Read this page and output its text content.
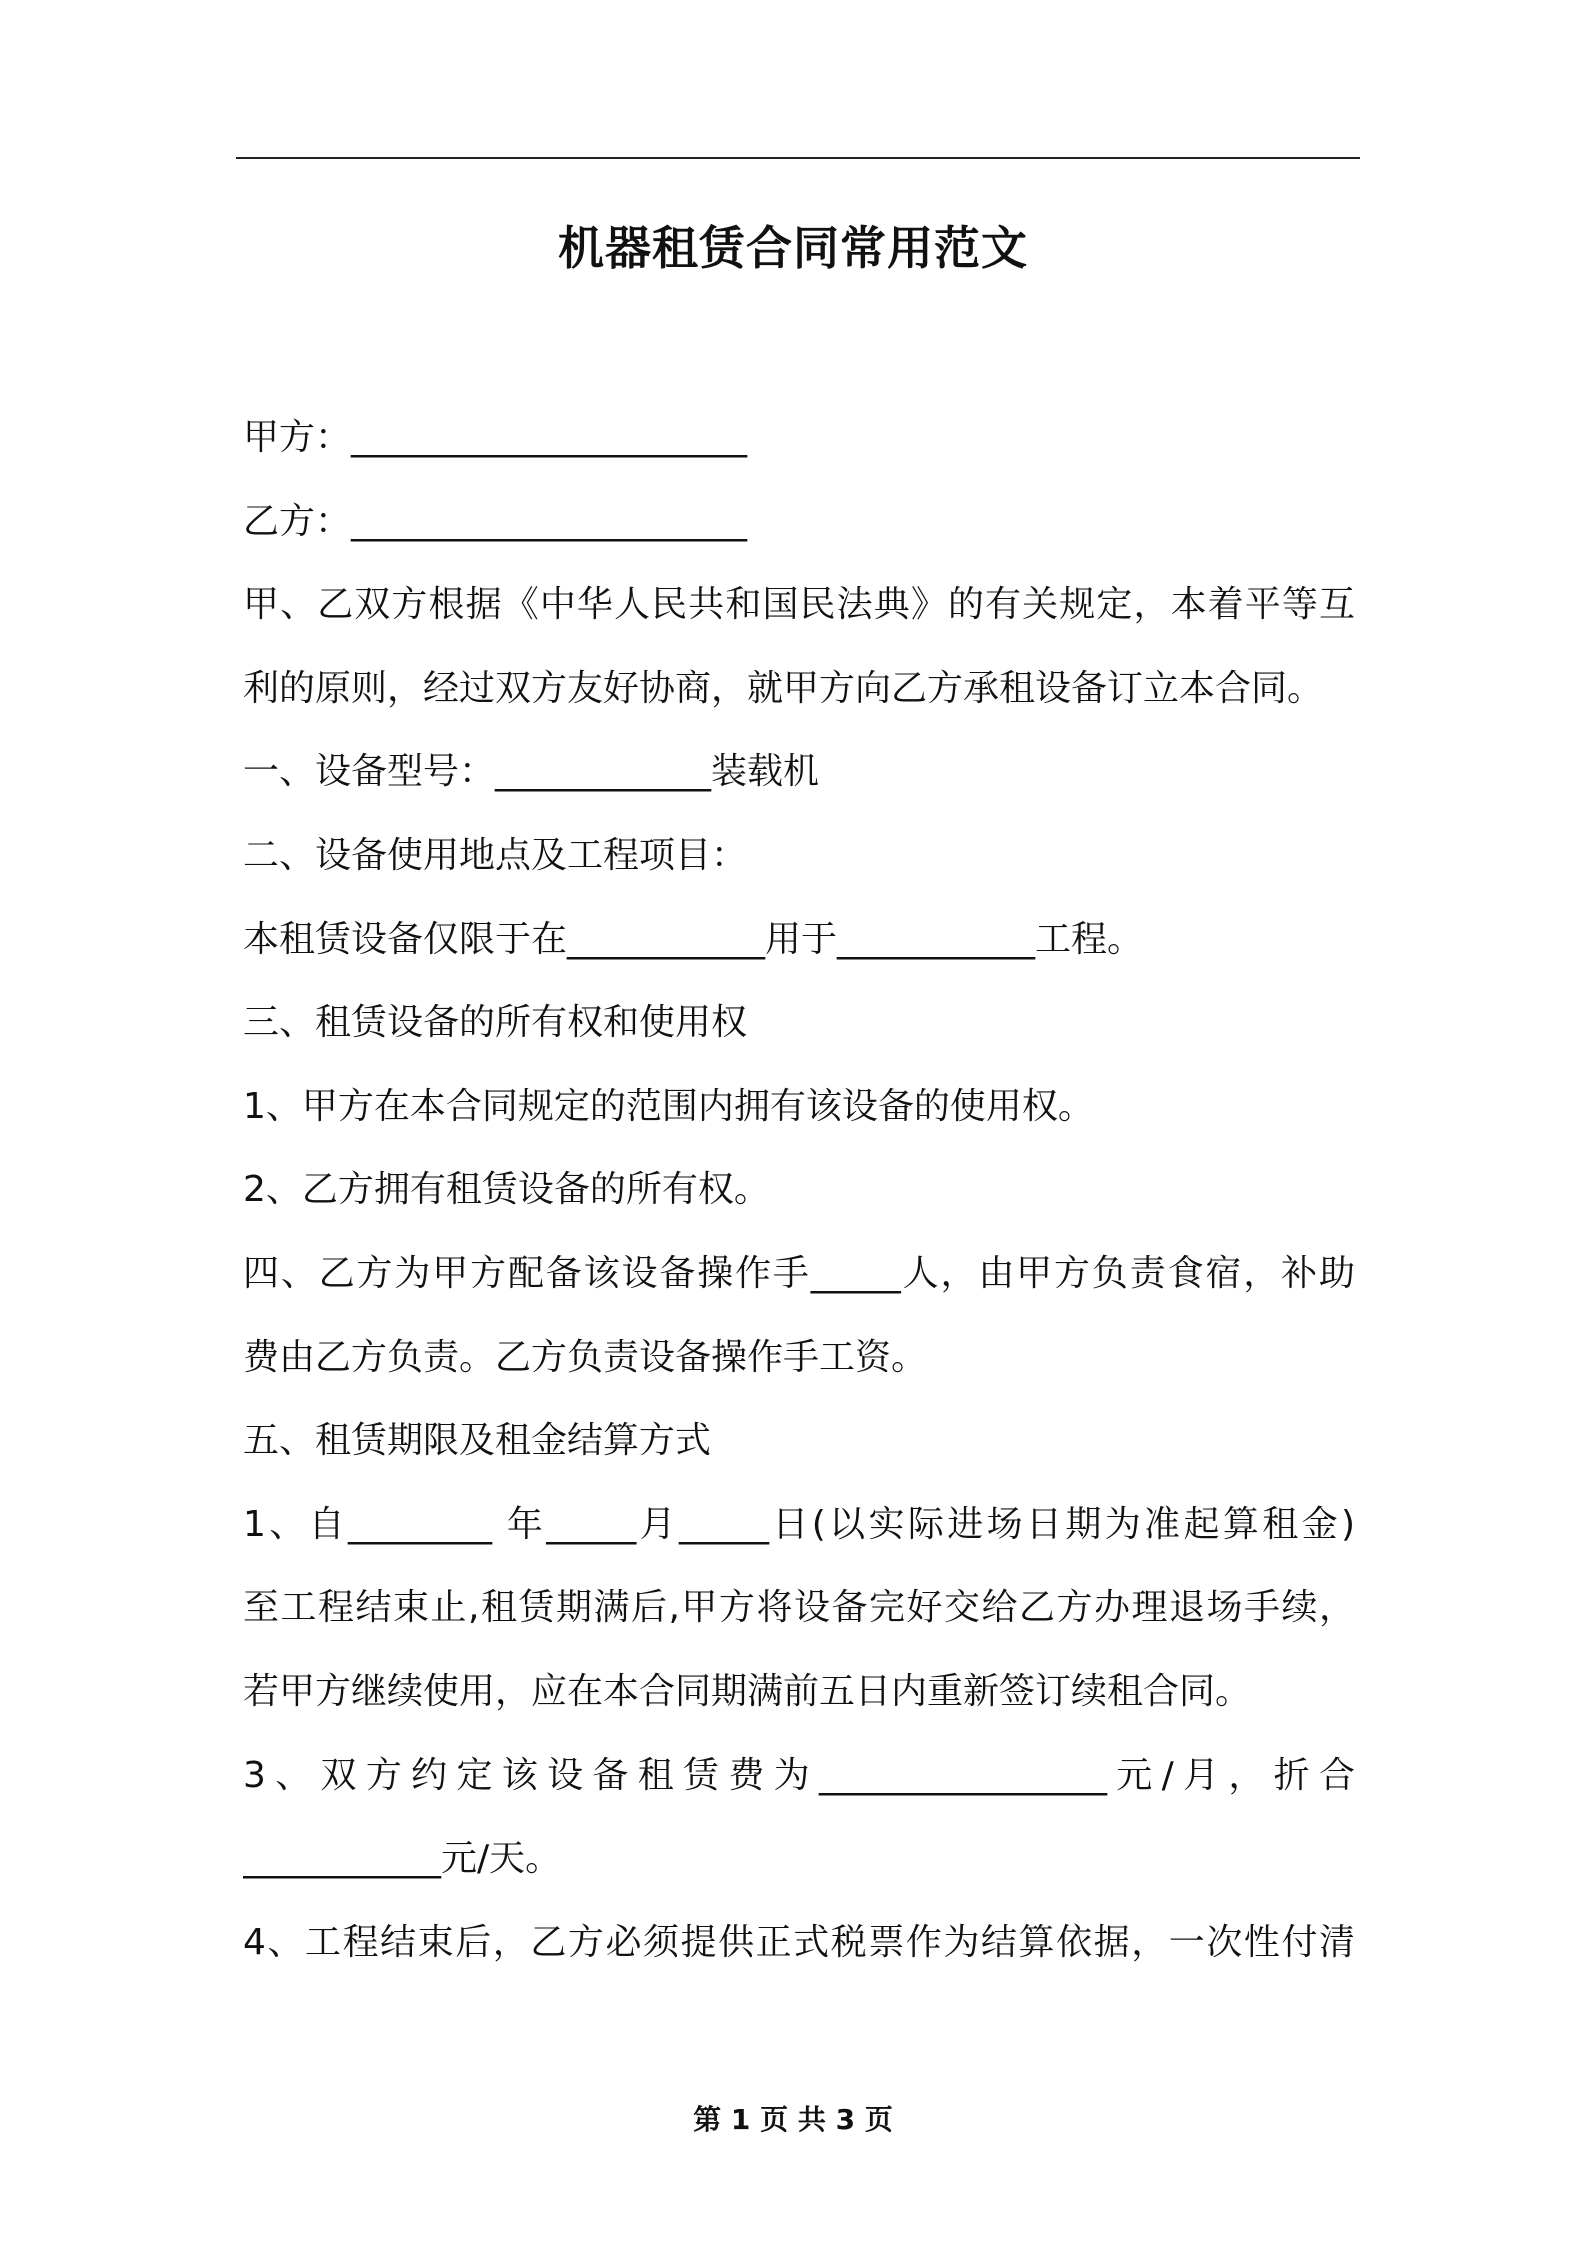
机器租赁合同常用范文
甲方：______________________
乙方：______________________
甲、乙双方根据《中华人民共和国民法典》的有关规定，本着平等互
利的原则，经过双方友好协商，就甲方向乙方承租设备订立本合同。
一、设备型号：____________装载机
二、设备使用地点及工程项目：
本租赁设备仅限于在___________用于___________工程。
三、租赁设备的所有权和使用权
1、甲方在本合同规定的范围内拥有该设备的使用权。
2、乙方拥有租赁设备的所有权。
四、乙方为甲方配备该设备操作手_____人，由甲方负责食宿，补助
费由乙方负责。乙方负责设备操作手工资。
五、租赁期限及租金结算方式
1、自________ 年_____月_____日(以实际进场日期为准起算租金)
至工程结束止,租赁期满后,甲方将设备完好交给乙方办理退场手续，
若甲方继续使用，应在本合同期满前五日内重新签订续租合同。
3、双方约定该设备租赁费为________________元/月，折合
___________元/天。
4、工程结束后，乙方必须提供正式税票作为结算依据，一次性付清
第 1 页 共 3 页
